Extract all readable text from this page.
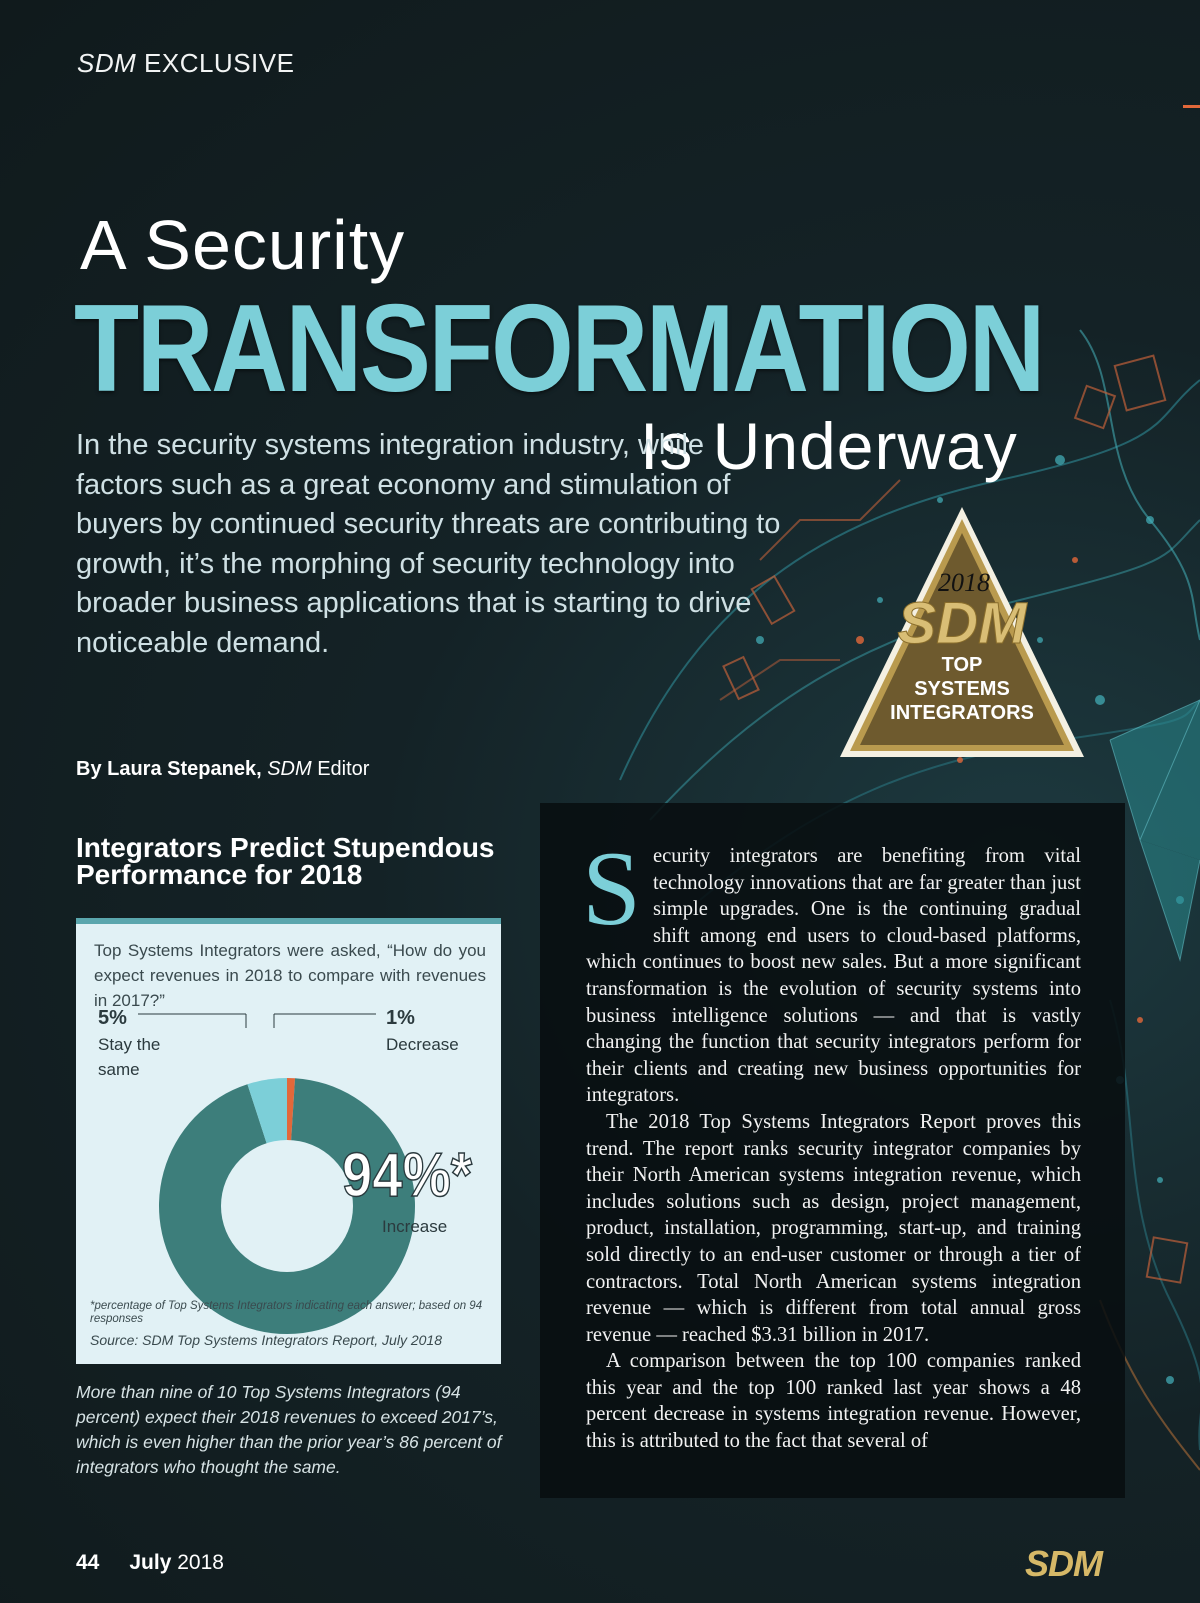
SDM EXCLUSIVE
A Security
TRANSFORMATION
Is Underway
In the security systems integration industry, while factors such as a great economy and stimulation of buyers by continued security threats are contributing to growth, it’s the morphing of security technology into broader business applications that is starting to drive noticeable demand.
By Laura Stepanek, SDM Editor
2018
SDM
TOP
SYSTEMS
INTEGRATORS
Integrators Predict Stupendous Performance for 2018
Top Systems Integrators were asked, “How do you expect revenues in 2018 to compare with revenues in 2017?”
5%	1%
Decrease
Stay the same
94%*
Increase
*percentage of Top Systems Integrators indicating each answer; based on 94 responses
Source: SDM Top Systems Integrators Report, July 2018
More than nine of 10 Top Systems Integrators (94 percent) expect their 2018 revenues to exceed 2017’s, which is even higher than the prior year’s 86 percent of integrators who thought the same.

Security integrators are benefiting from vital technology innovations that are far greater than just simple upgrades. One is the continuing gradual shift among end users to cloud-based platforms, which continues to boost new sales. But a more significant transformation is the evolution of security systems into business intelligence solutions — and that is vastly changing the function that security integrators perform for their clients and creating new business opportunities for integrators.

The 2018 Top Systems Integrators Report proves this trend. The report ranks security integrator companies by their North American systems integration revenue, which includes solutions such as design, project management, product, installation, programming, start-up, and training sold directly to an end-user customer or through a tier of contractors. Total North American systems integration revenue — which is different from total annual gross revenue — reached $3.31 billion in 2017.

A comparison between the top 100 companies ranked this year and the top 100 ranked last year shows a 48 percent decrease in systems integration revenue. However, this is attributed to the fact that several of

44 July 2018	SDM
